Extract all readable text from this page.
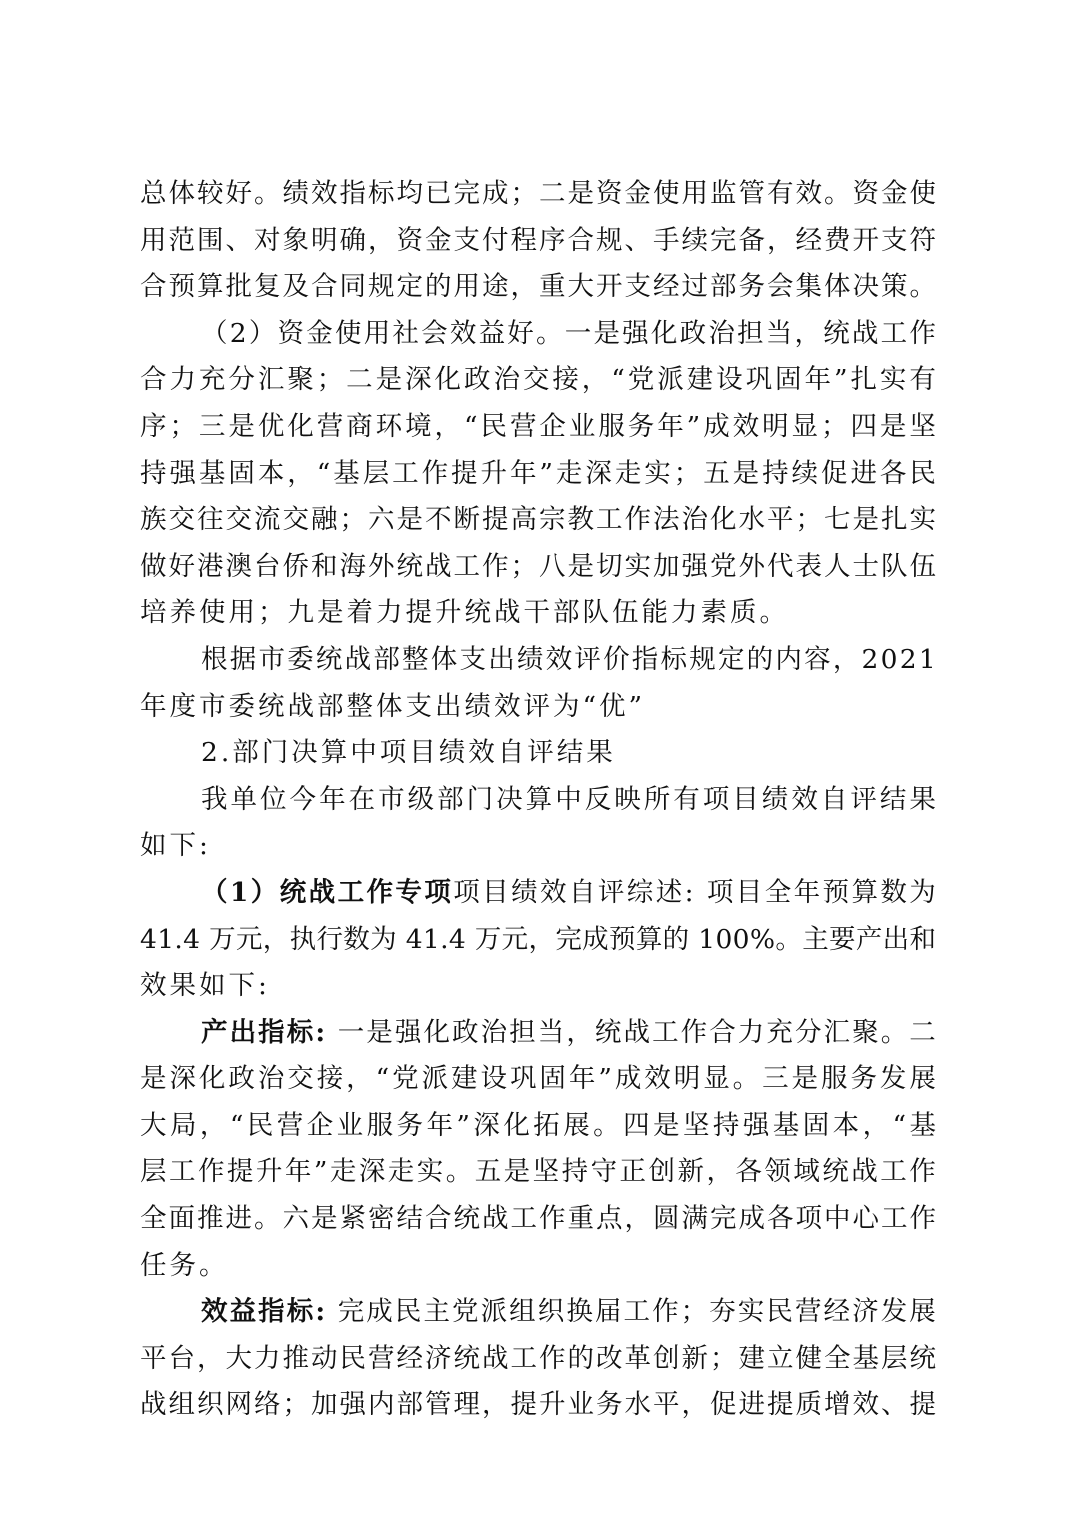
总 体 较 好 。 绩 效 指 标 均 已 完 成 ； 二 是 资 金 使 用 监 管 有 效 。 资 金 使
用 范 围 、 对 象 明 确 ， 资 金 支 付 程 序 合 规 、 手 续 完 备 ， 经 费 开 支 符
合 预 算 批 复 及 合 同 规 定 的 用 途 ， 重 大 开 支 经 过 部 务 会 集 体 决 策 。
（ 2 ） 资 金 使 用 社 会 效 益 好 。 一 是 强 化 政 治 担 当 ， 统 战 工 作
合 力 充 分 汇 聚 ； 二 是 深 化 政 治 交 接 ， “ 党 派 建 设 巩 固 年 ” 扎 实 有
序 ； 三 是 优 化 营 商 环 境 ， “ 民 营 企 业 服 务 年 ” 成 效 明 显 ； 四 是 坚
持 强 基 固 本 ， “ 基 层 工 作 提 升 年 ” 走 深 走 实 ； 五 是 持 续 促 进 各 民
族 交 往 交 流 交 融 ； 六 是 不 断 提 高 宗 教 工 作 法 治 化 水 平 ； 七 是 扎 实
做 好 港 澳 台 侨 和 海 外 统 战 工 作 ； 八 是 切 实 加 强 党 外 代 表 人 士 队 伍
培养使用；九是着力提升统战干部队伍能力素质。
根 据 市 委 统 战 部 整 体 支 出 绩 效 评 价 指 标 规 定 的 内 容 ， 2 0 2 1
年度市委统战部整体支出绩效评为“优”
2.部门决算中项目绩效自评结果
我 单 位 今 年 在 市 级 部 门 决 算 中 反 映 所 有 项 目 绩 效 自 评 结 果
如下:
（ 1 ） 统 战 工 作 专 项 项 目 绩 效 自 评 综 述 :
项 目 全 年 预 算 数 为
4 1 . 4
万 元 ， 执 行 数 为
4 1 . 4
万 元 ， 完 成 预 算 的
1 0 0 % 。 主 要 产 出 和
效果如下:
产 出 指 标 :
一 是 强 化 政 治 担 当 ， 统 战 工 作 合 力 充 分 汇 聚 。 二
是 深 化 政 治 交 接 ， “ 党 派 建 设 巩 固 年 ” 成 效 明 显 。 三 是 服 务 发 展
大 局 ， “ 民 营 企 业 服 务 年 ” 深 化 拓 展 。 四 是 坚 持 强 基 固 本 ， “ 基
层 工 作 提 升 年 ” 走 深 走 实 。 五 是 坚 持 守 正 创 新 ， 各 领 域 统 战 工 作
全 面 推 进 。 六 是 紧 密 结 合 统 战 工 作 重 点 ， 圆 满 完 成 各 项 中 心 工 作
任务。
效 益 指 标 :
完 成 民 主 党 派 组 织 换 届 工 作 ； 夯 实 民 营 经 济 发 展
平 台 ， 大 力 推 动 民 营 经 济 统 战 工 作 的 改 革 创 新 ； 建 立 健 全 基 层 统
战 组 织 网 络 ； 加 强 内 部 管 理 ， 提 升 业 务 水 平 ， 促 进 提 质 增 效 、 提
